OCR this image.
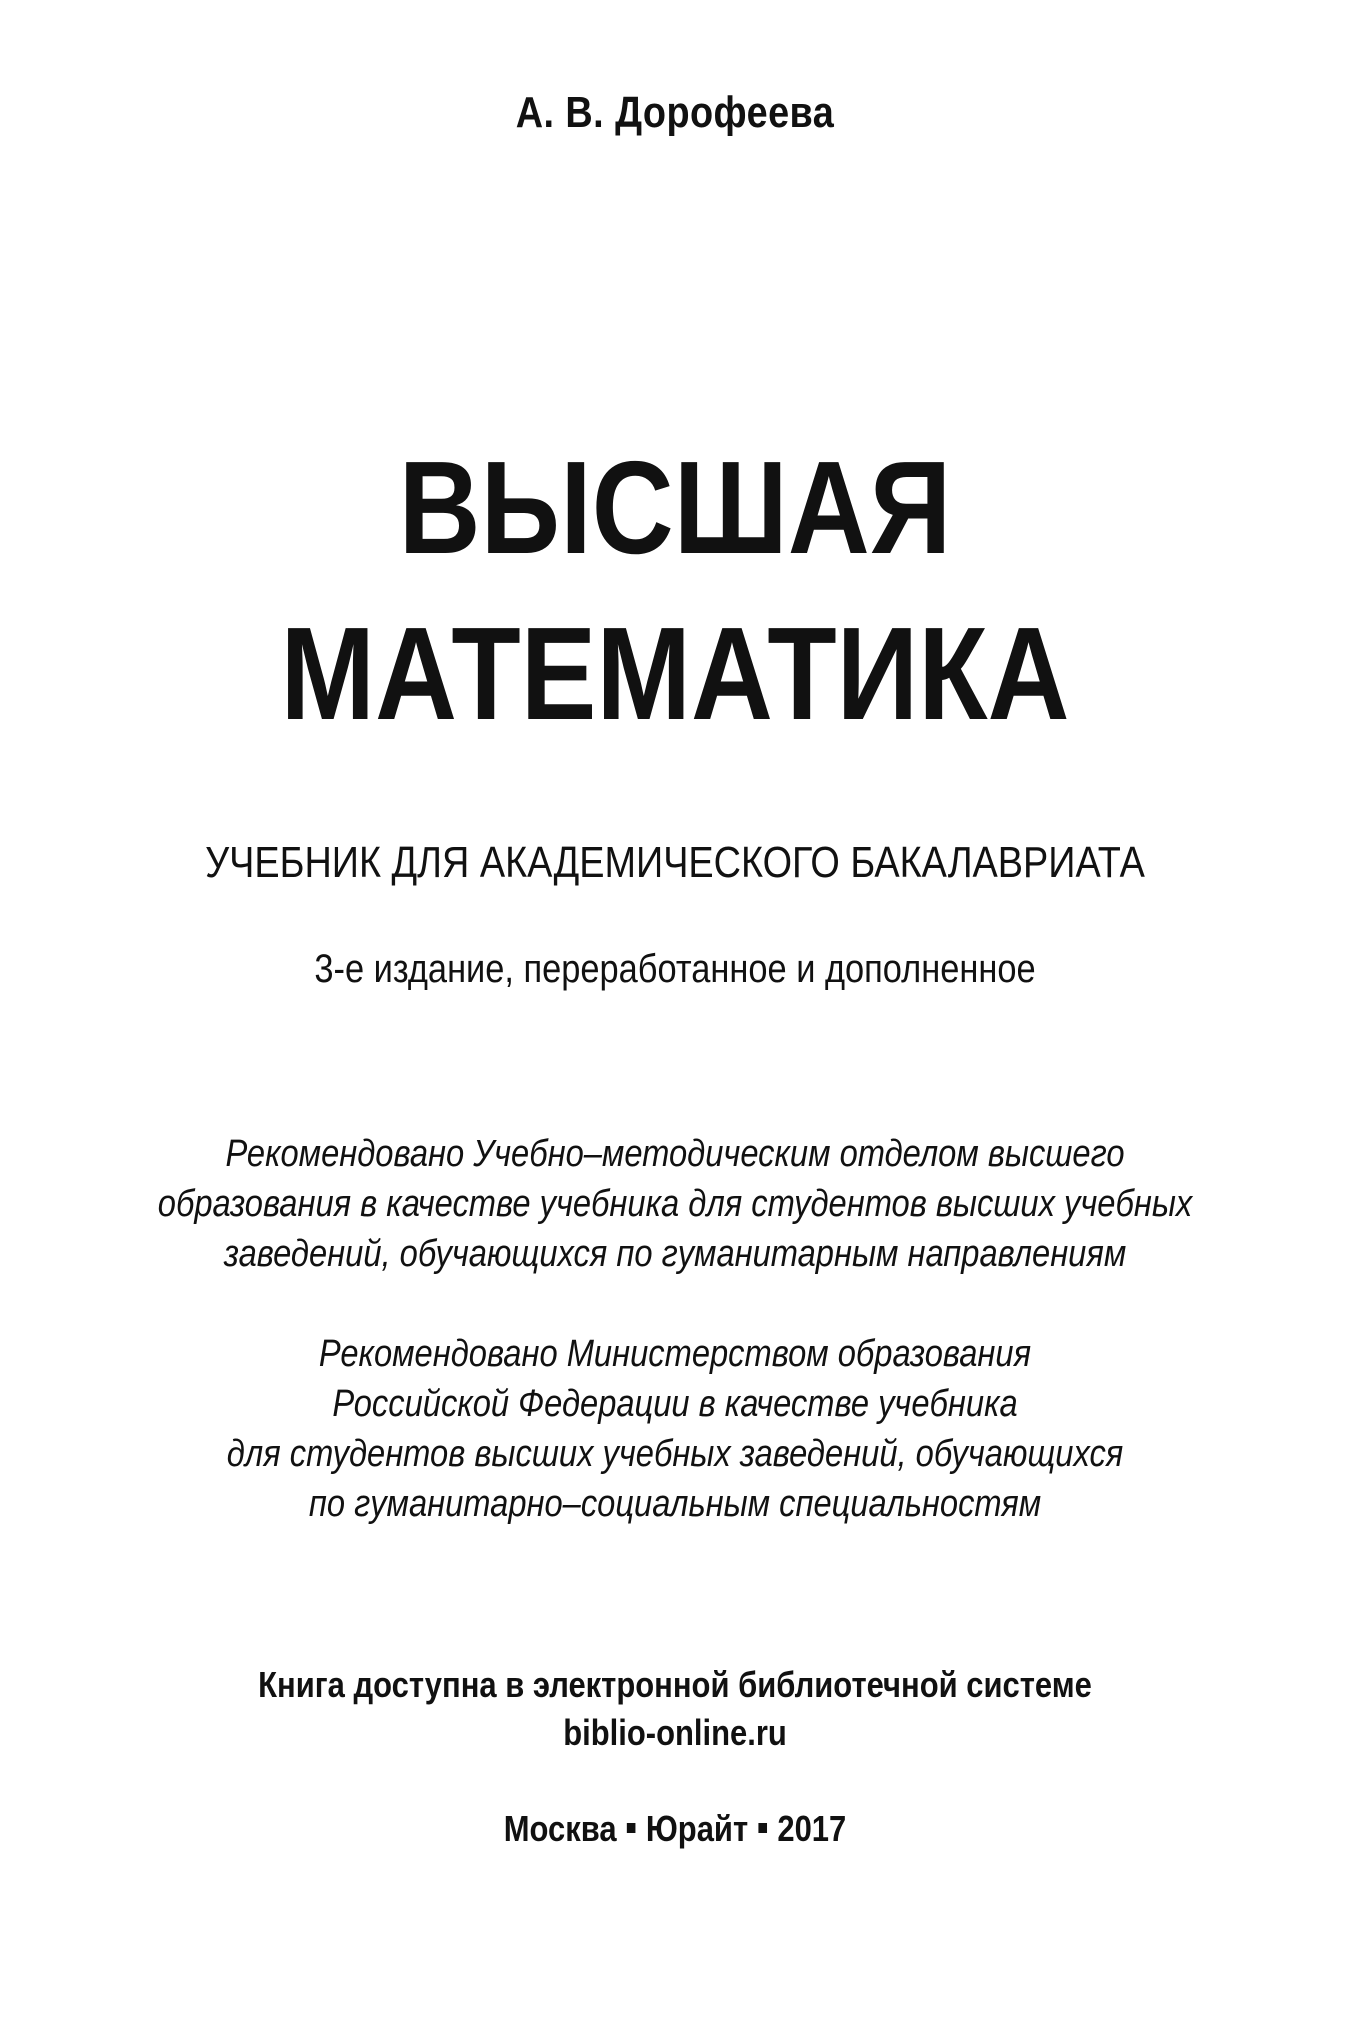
А. В. Дорофеева
ВЫСШАЯ
МАТЕМАТИКА
УЧЕБНИК ДЛЯ АКАДЕМИЧЕСКОГО БАКАЛАВРИАТА
3-е издание, переработанное и дополненное
Рекомендовано Учебно–методическим отделом высшего
образования в качестве учебника для студентов высших учебных
заведений, обучающихся по гуманитарным направлениям
Рекомендовано Министерством образования
Российской Федерации в качестве учебника
для студентов высших учебных заведений, обучающихся
по гуманитарно–социальным специальностям
Книга доступна в электронной библиотечной системе
biblio-online.ru
Москва Юрайт 2017
